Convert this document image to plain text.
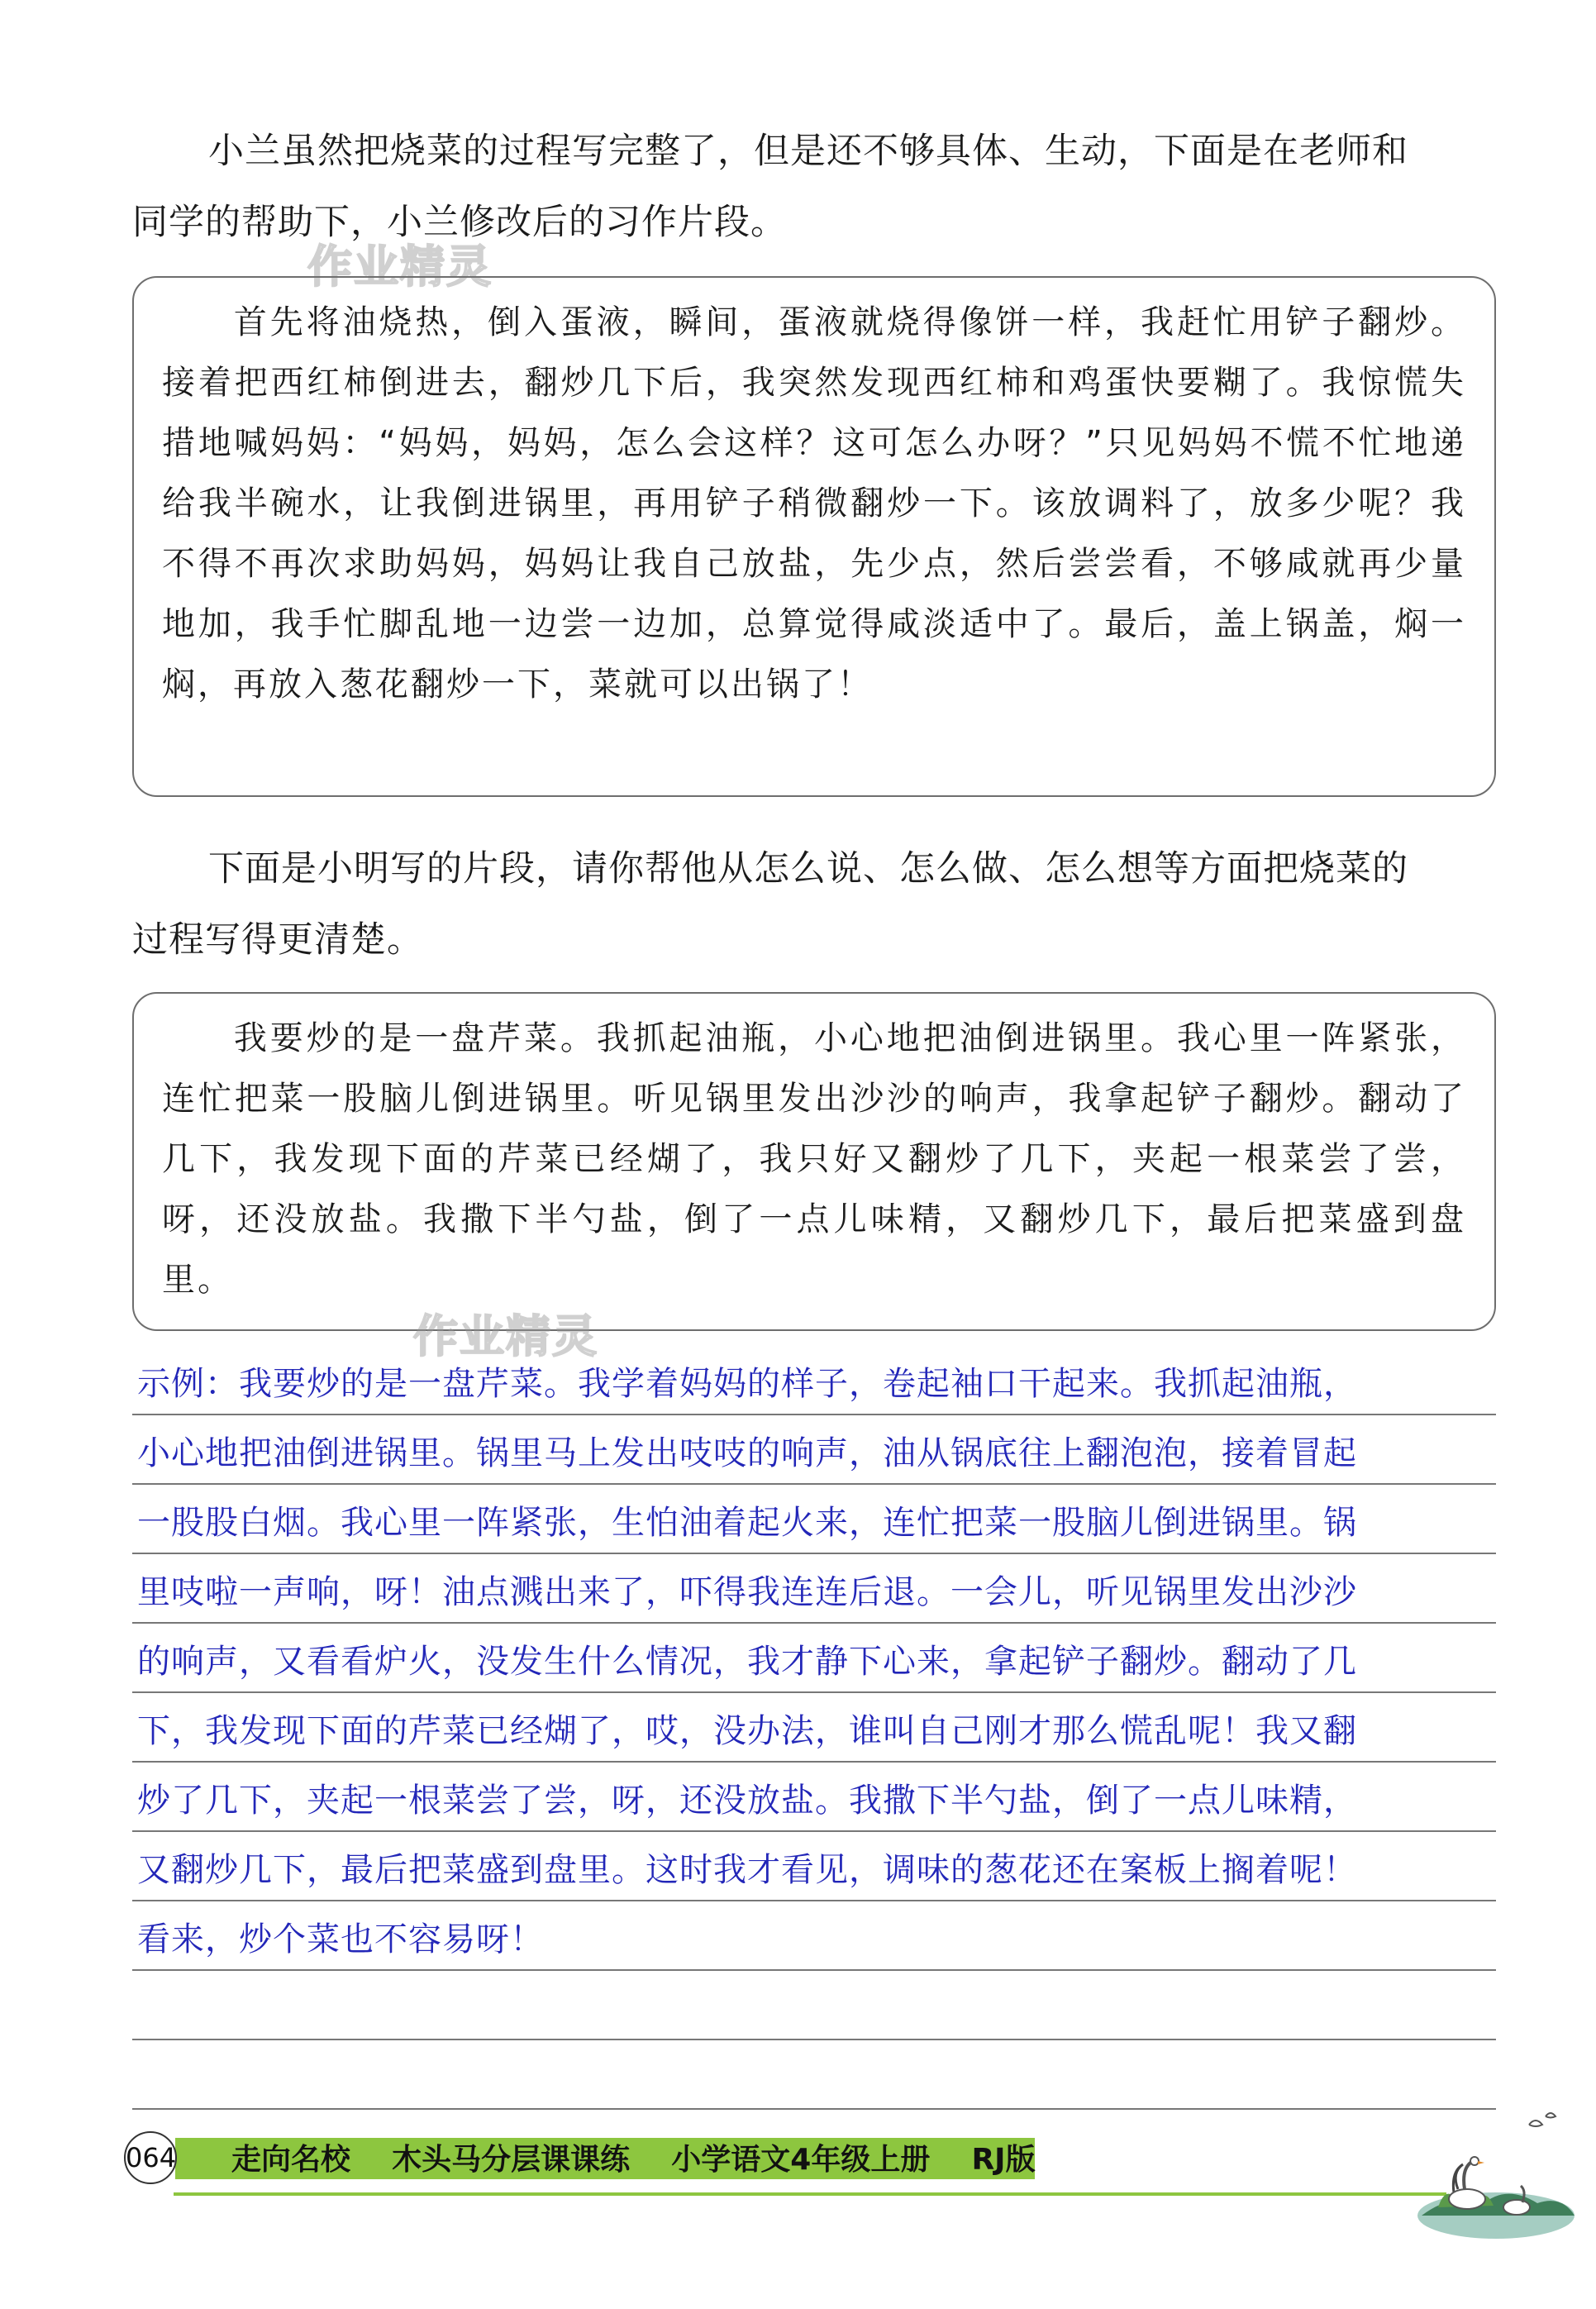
小兰虽然把烧菜的过程写完整了，但是还不够具体、生动，下面是在老师和
同学的帮助下，小兰修改后的习作片段。

作业精灵

首先将油烧热，倒入蛋液，瞬间，蛋液就烧得像饼一样，我赶忙用铲子翻炒。接着把西红柿倒进去，翻炒几下后，我突然发现西红柿和鸡蛋快要糊了。我惊慌失措地喊妈妈：“妈妈，妈妈，怎么会这样？这可怎么办呀？”只见妈妈不慌不忙地递给我半碗水，让我倒进锅里，再用铲子稍微翻炒一下。该放调料了，放多少呢？我不得不再次求助妈妈，妈妈让我自己放盐，先少点，然后尝尝看，不够咸就再少量地加，我手忙脚乱地一边尝一边加，总算觉得咸淡适中了。最后，盖上锅盖，焖一焖，再放入葱花翻炒一下，菜就可以出锅了！

下面是小明写的片段，请你帮他从怎么说、怎么做、怎么想等方面把烧菜的
过程写得更清楚。

我要炒的是一盘芹菜。我抓起油瓶，小心地把油倒进锅里。我心里一阵紧张，连忙把菜一股脑儿倒进锅里。听见锅里发出沙沙的响声，我拿起铲子翻炒。翻动了几下，我发现下面的芹菜已经煳了，我只好又翻炒了几下，夹起一根菜尝了尝，呀，还没放盐。我撒下半勺盐，倒了一点儿味精，又翻炒几下，最后把菜盛到盘里。

作业精灵
示例：我要炒的是一盘芹菜。我学着妈妈的样子，卷起袖口干起来。我抓起油瓶，
小心地把油倒进锅里。锅里马上发出吱吱的响声，油从锅底往上翻泡泡，接着冒起
一股股白烟。我心里一阵紧张，生怕油着起火来，连忙把菜一股脑儿倒进锅里。锅
里吱啦一声响，呀！油点溅出来了，吓得我连连后退。一会儿，听见锅里发出沙沙
的响声，又看看炉火，没发生什么情况，我才静下心来，拿起铲子翻炒。翻动了几
下，我发现下面的芹菜已经煳了，哎，没办法，谁叫自己刚才那么慌乱呢！我又翻
炒了几下，夹起一根菜尝了尝，呀，还没放盐。我撒下半勺盐，倒了一点儿味精，
又翻炒几下，最后把菜盛到盘里。这时我才看见，调味的葱花还在案板上搁着呢！
看来，炒个菜也不容易呀！
064 走向名校    木头马分层课课练    小学语文4年级上册    RJ版
